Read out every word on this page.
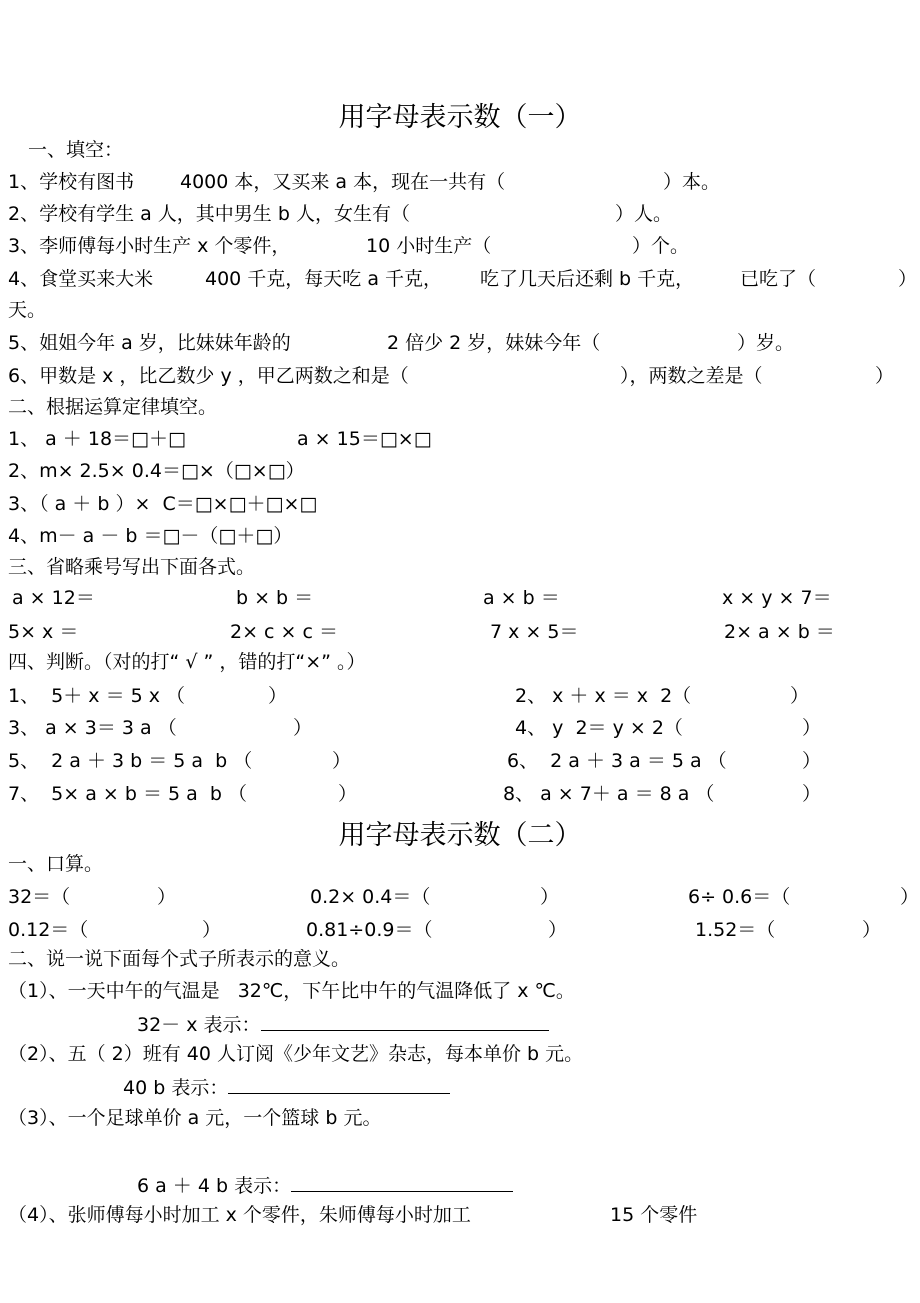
用字母表示数（一）
一、填空：
1、学校有图书 4000 本，又买来 a 本，现在一共有（	）本。
2、学校有学生 a 人，其中男生 b 人，女生有（	）人。
3、李师傅每小时生产 x 个零件，	10 小时生产（	）个。
4、食堂买来大米	400 千克，每天吃 a 千克， 吃了几天后还剩 b 千克， 已吃了（	）
天。
5、姐姐今年 a 岁，比妹妹年龄的	2 倍少 2 岁，妹妹今年（	）岁。
6、甲数是 x ，比乙数少 y ，甲乙两数之和是（	），两数之差是（	）
二、根据运算定律填空。
1、 a ＋ 18＝□＋□	a × 15＝□×□
2、m× 2.5× 0.4＝□×（□×□）
3、（ a ＋ b ）×  C＝□×□＋□×□
4、m－ a － b ＝□－（□＋□）
三、省略乘号写出下面各式。
a × 12＝	b × b ＝	a × b ＝	x × y × 7＝
5× x ＝	2× c × c ＝	7 x × 5＝	2× a × b ＝
四、判断。（对的打“ √ ” ，错的打“×” 。）
1、  5＋ x ＝ 5 x （	）	2、 x ＋ x ＝ x  2（	）
3、 a × 3＝ 3 a （	）	4、 y  2＝ y × 2（	）
5、  2 a ＋ 3 b ＝ 5 a  b （	）	6、  2 a ＋ 3 a ＝ 5 a （	）
7、  5× a × b ＝ 5 a  b （	）	8、 a × 7＋ a ＝ 8 a （	）
用字母表示数（二）
一、口算。
32＝（	）	0.2× 0.4＝（	）	6÷ 0.6＝（	）
0.12＝（	）	0.81÷0.9＝（	）	1.52＝（	）
二、说一说下面每个式子所表示的意义。
（1）、一天中午的气温是   32℃，下午比中午的气温降低了 x ℃。
32－ x 表示：
（2）、五（ 2）班有 40 人订阅《少年文艺》杂志，每本单价 b 元。
40 b 表示：
（3）、一个足球单价 a 元，一个篮球 b 元。
6 a ＋ 4 b 表示：
（4）、张师傅每小时加工 x 个零件，朱师傅每小时加工	15 个零件
